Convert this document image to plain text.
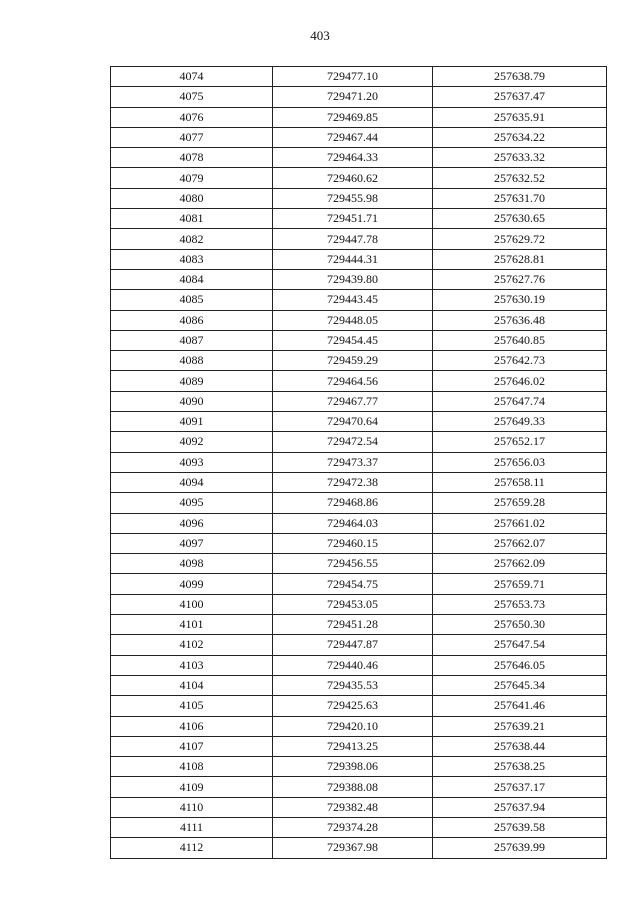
403
4074	729477.10	257638.79
4075	729471.20	257637.47
4076	729469.85	257635.91
4077	729467.44	257634.22
4078	729464.33	257633.32
4079	729460.62	257632.52
4080	729455.98	257631.70
4081	729451.71	257630.65
4082	729447.78	257629.72
4083	729444.31	257628.81
4084	729439.80	257627.76
4085	729443.45	257630.19
4086	729448.05	257636.48
4087	729454.45	257640.85
4088	729459.29	257642.73
4089	729464.56	257646.02
4090	729467.77	257647.74
4091	729470.64	257649.33
4092	729472.54	257652.17
4093	729473.37	257656.03
4094	729472.38	257658.11
4095	729468.86	257659.28
4096	729464.03	257661.02
4097	729460.15	257662.07
4098	729456.55	257662.09
4099	729454.75	257659.71
4100	729453.05	257653.73
4101	729451.28	257650.30
4102	729447.87	257647.54
4103	729440.46	257646.05
4104	729435.53	257645.34
4105	729425.63	257641.46
4106	729420.10	257639.21
4107	729413.25	257638.44
4108	729398.06	257638.25
4109	729388.08	257637.17
4110	729382.48	257637.94
4111	729374.28	257639.58
4112	729367.98	257639.99
